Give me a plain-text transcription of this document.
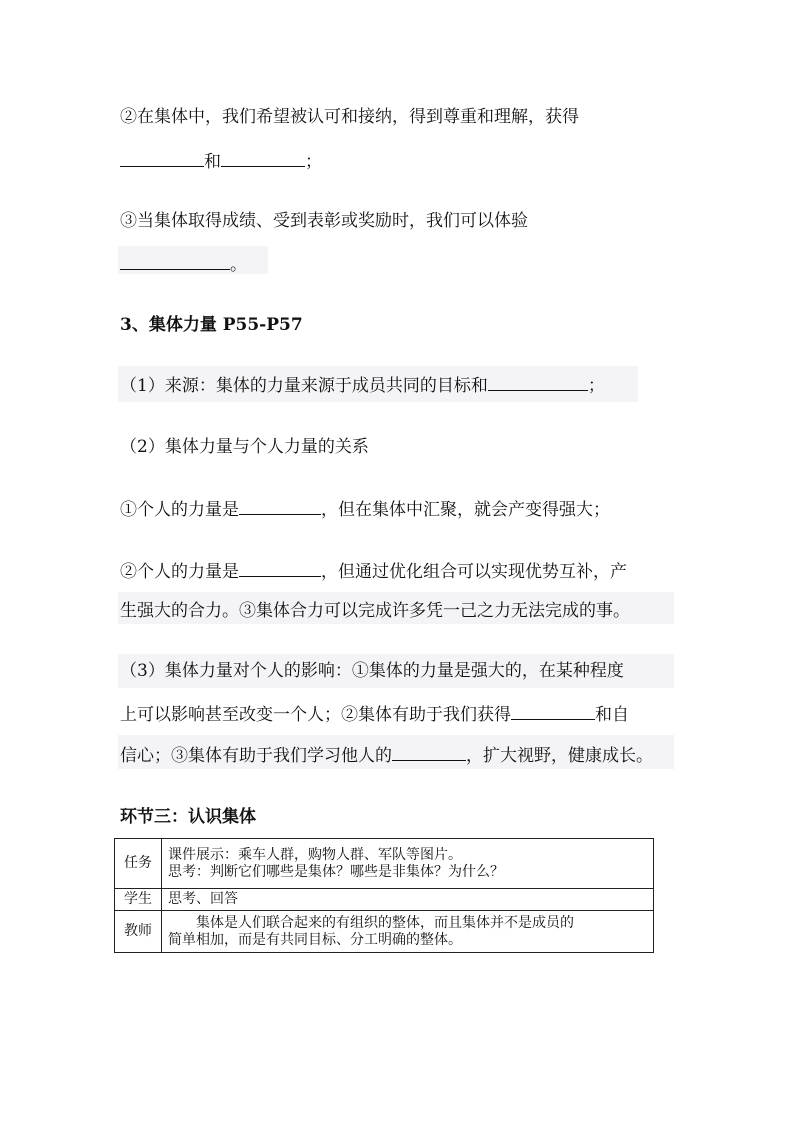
②在集体中，我们希望被认可和接纳，得到尊重和理解，获得
和	；
③当集体取得成绩、受到表彰或奖励时，我们可以体验
。
3、集体力量 P55-P57
（1）来源：集体的力量来源于成员共同的目标和	；
（2）集体力量与个人力量的关系
①个人的力量是	，但在集体中汇聚，就会产变得强大；
②个人的力量是	，但通过优化组合可以实现优势互补，产
生强大的合力。③集体合力可以完成许多凭一己之力无法完成的事。
（3）集体力量对个人的影响：①集体的力量是强大的，在某种程度
上可以影响甚至改变一个人；②集体有助于我们获得	和自
信心；③集体有助于我们学习他人的	，扩大视野，健康成长。
环节三：认识集体
任务	课件展示：乘车人群，购物人群、军队等图片。
思考：判断它们哪些是集体？哪些是非集体？为什么？

学生	思考、回答
教师	集体是人们联合起来的有组织的整体，而且集体并不是成员的
简单相加，而是有共同目标、分工明确的整体。
